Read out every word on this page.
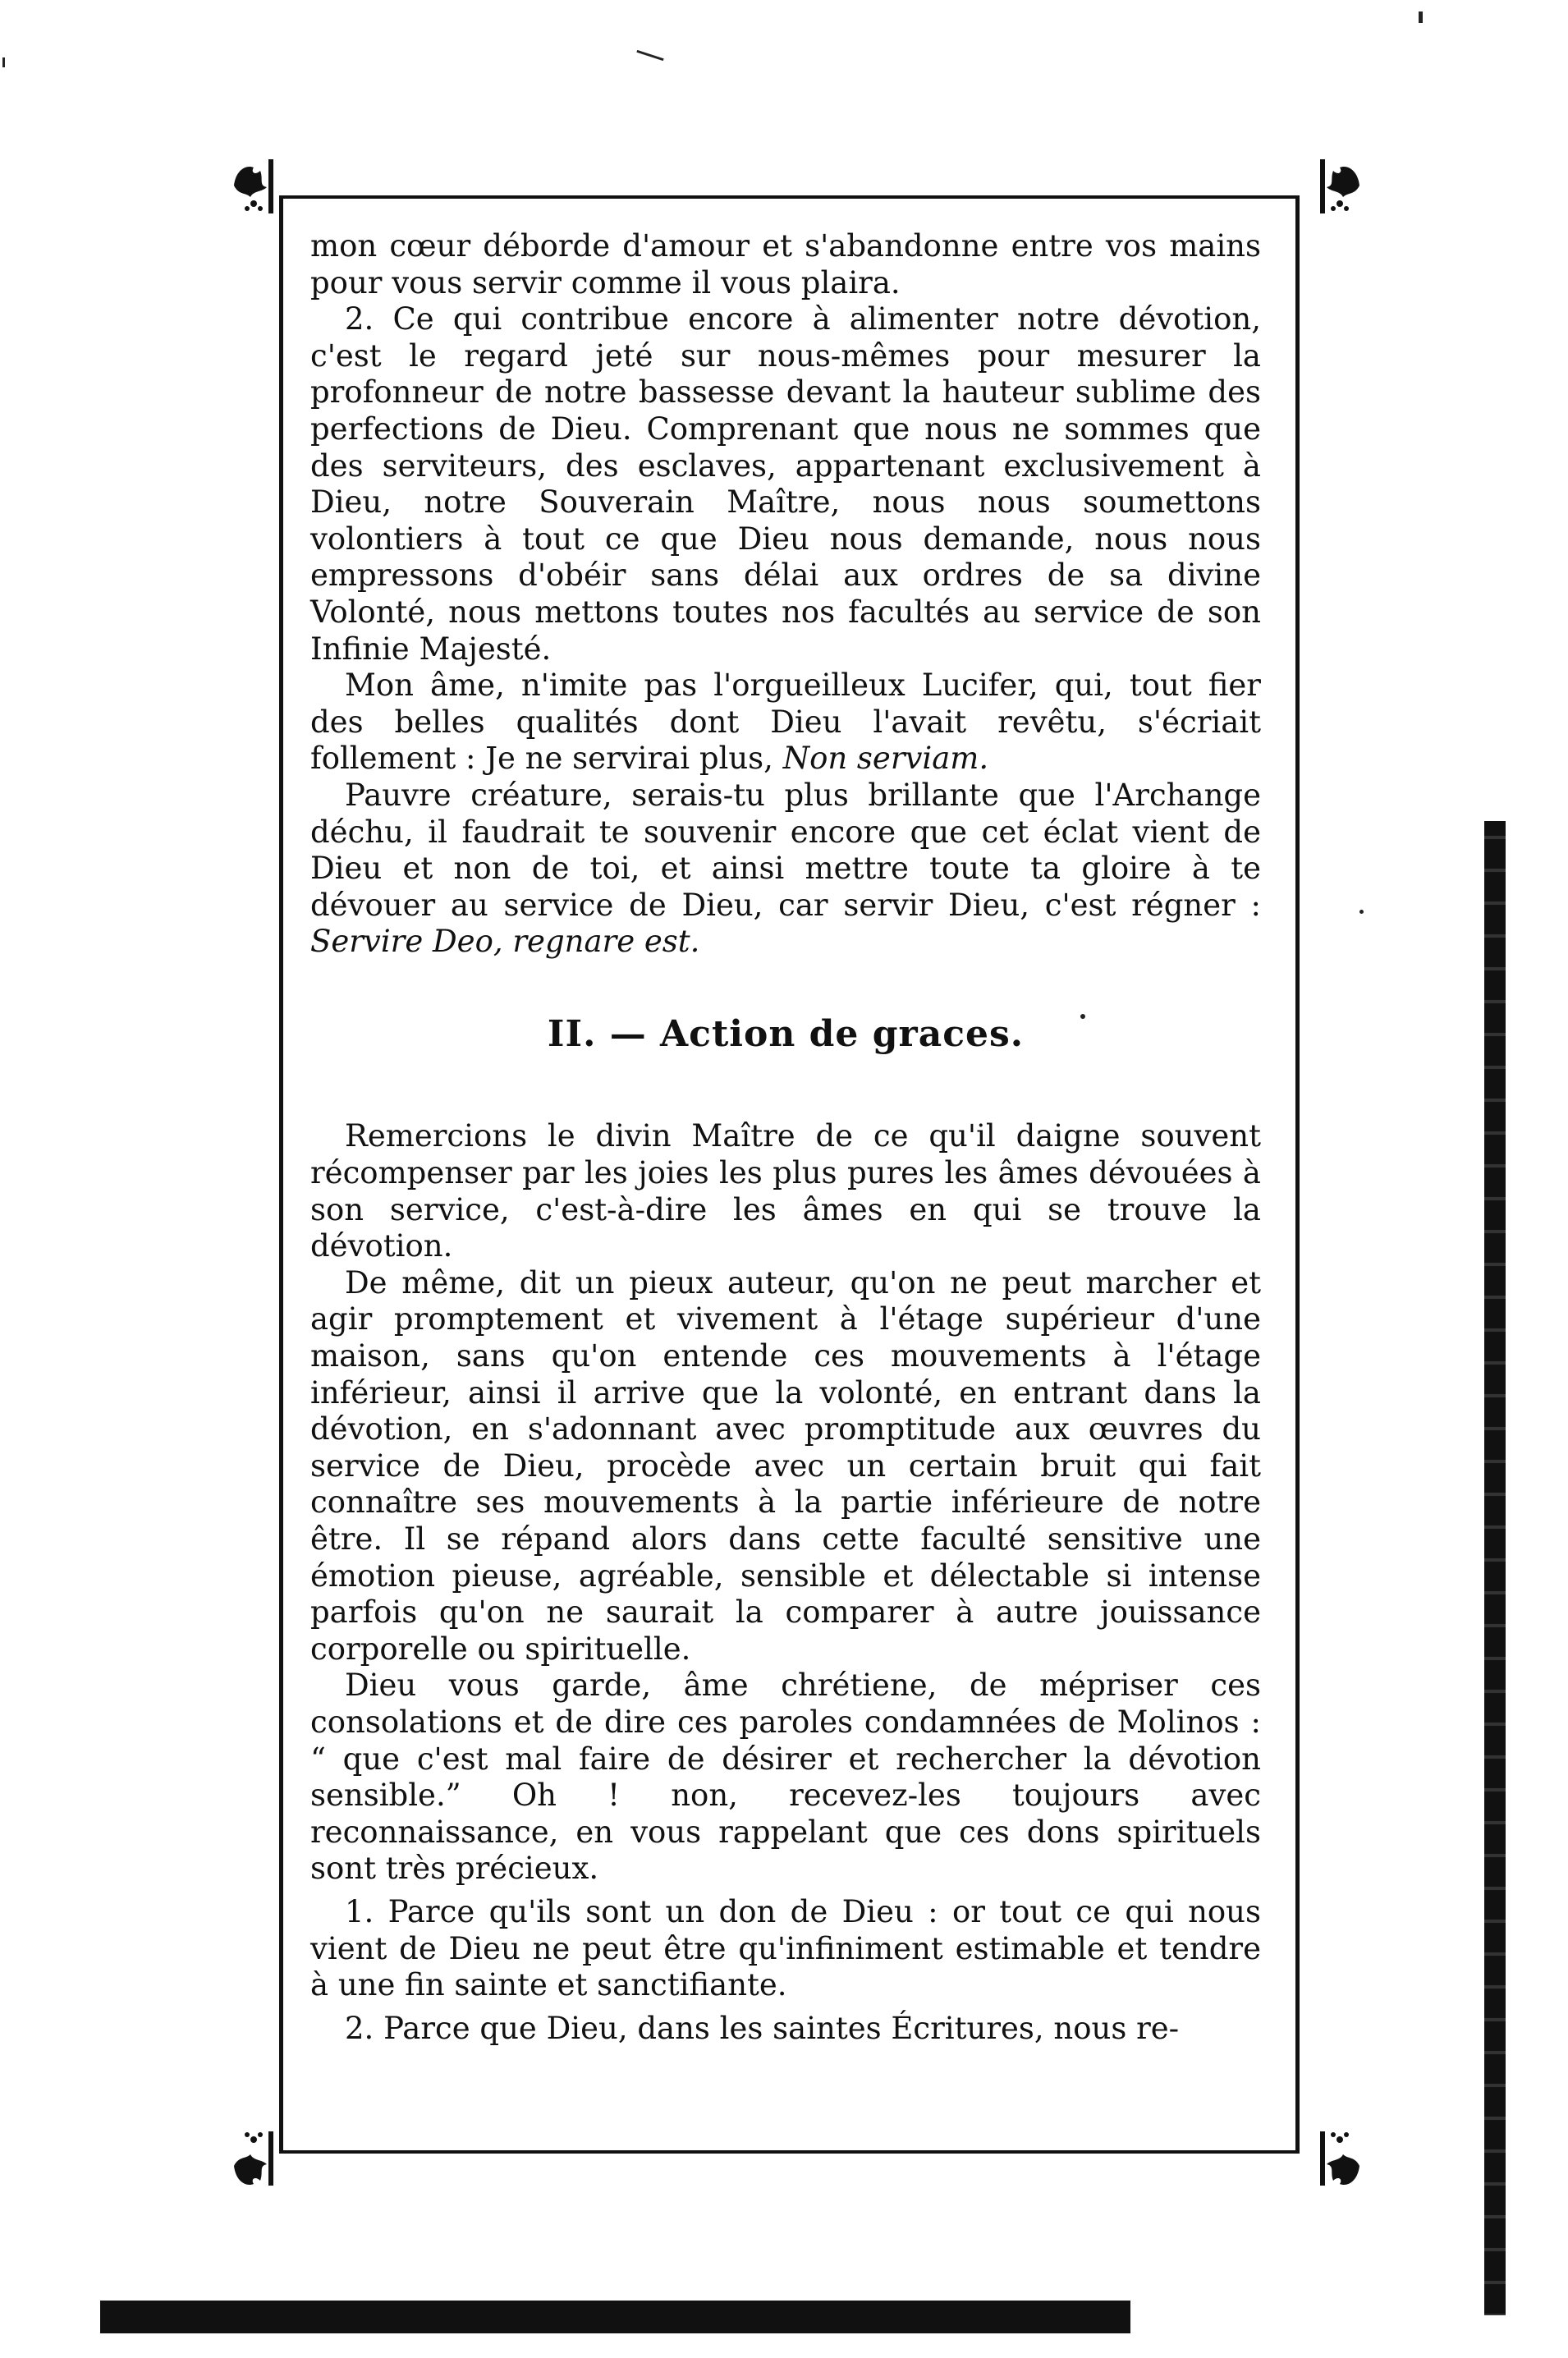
mon cœur déborde d'amour et s'abandonne entre vos mains pour vous servir comme il vous plaira.

2. Ce qui contribue encore à alimenter notre dévotion, c'est le regard jeté sur nous-mêmes pour mesurer la profonneur de notre bassesse devant la hauteur sublime des perfections de Dieu. Comprenant que nous ne sommes que des serviteurs, des esclaves, appartenant exclusivement à Dieu, notre Souverain Maître, nous nous soumettons volontiers à tout ce que Dieu nous demande, nous nous empressons d'obéir sans délai aux ordres de sa divine Volonté, nous mettons toutes nos facultés au service de son Infinie Majesté.

Mon âme, n'imite pas l'orgueilleux Lucifer, qui, tout fier des belles qualités dont Dieu l'avait revêtu, s'écriait follement : Je ne servirai plus, Non serviam.

Pauvre créature, serais-tu plus brillante que l'Archange déchu, il faudrait te souvenir encore que cet éclat vient de Dieu et non de toi, et ainsi mettre toute ta gloire à te dévouer au service de Dieu, car servir Dieu, c'est régner : Servire Deo, regnare est.

II. — Action de graces.

Remercions le divin Maître de ce qu'il daigne souvent récompenser par les joies les plus pures les âmes dévouées à son service, c'est-à-dire les âmes en qui se trouve la dévotion.

De même, dit un pieux auteur, qu'on ne peut marcher et agir promptement et vivement à l'étage supérieur d'une maison, sans qu'on entende ces mouvements à l'étage inférieur, ainsi il arrive que la volonté, en entrant dans la dévotion, en s'adonnant avec promptitude aux œuvres du service de Dieu, procède avec un certain bruit qui fait connaître ses mouvements à la partie inférieure de notre être. Il se répand alors dans cette faculté sensitive une émotion pieuse, agréable, sensible et délectable si intense parfois qu'on ne saurait la comparer à autre jouissance corporelle ou spirituelle.

Dieu vous garde, âme chrétiene, de mépriser ces consolations et de dire ces paroles condamnées de Molinos : “ que c'est mal faire de désirer et rechercher la dévotion sensible.” Oh ! non, recevez-les toujours avec reconnaissance, en vous rappelant que ces dons spirituels sont très précieux.

1. Parce qu'ils sont un don de Dieu : or tout ce qui nous vient de Dieu ne peut être qu'infiniment estimable et tendre à une fin sainte et sanctifiante.

2. Parce que Dieu, dans les saintes Écritures, nous re-
